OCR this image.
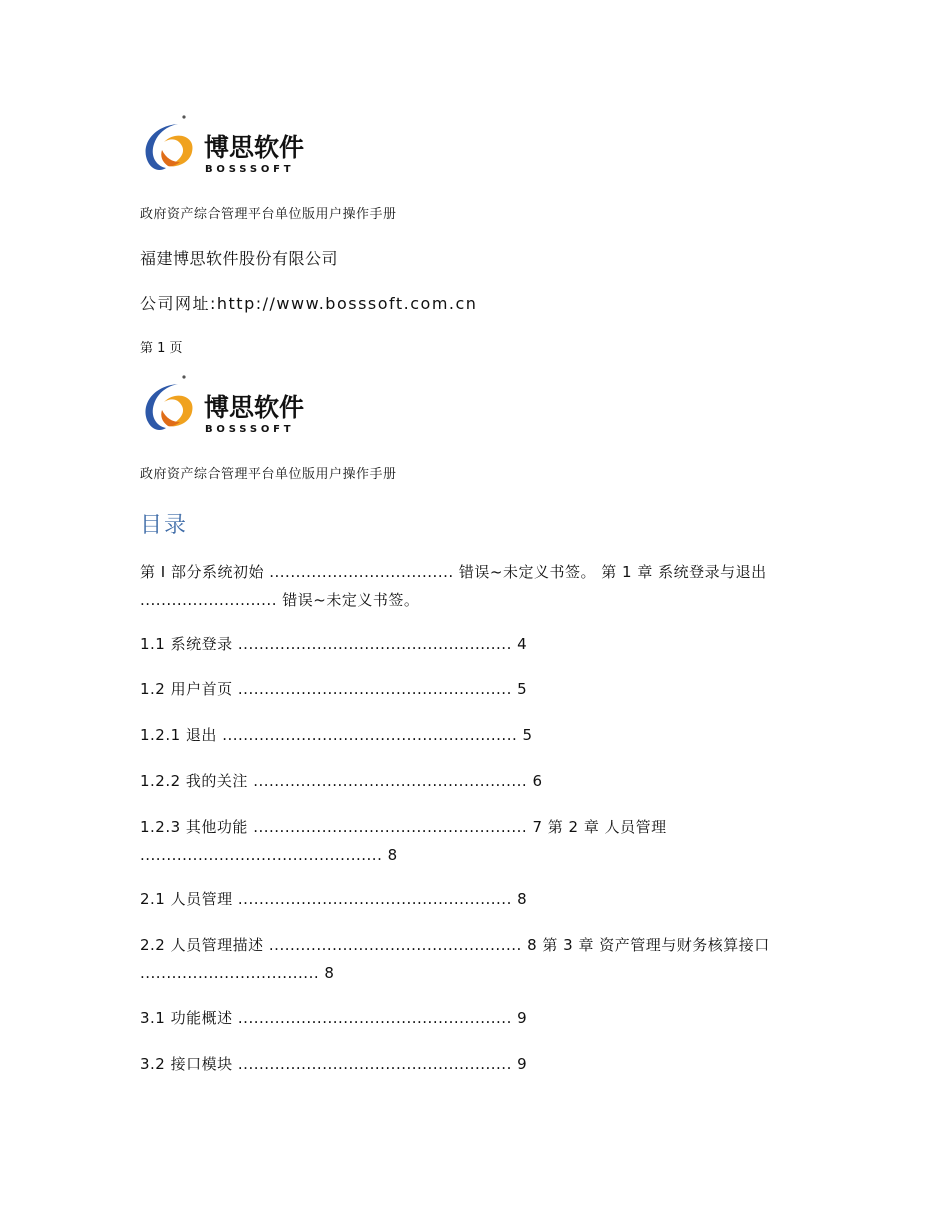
博思软件
BOSSSOFT
政府资产综合管理平台单位版用户操作手册
福建博思软件股份有限公司
公司网址:http://www.bosssoft.com.cn
第 1 页
博思软件
BOSSSOFT
政府资产综合管理平台单位版用户操作手册
目录
第 I 部分系统初始 ................................... 错误~未定义书签。 第 1 章 系统登录与退出 .......................... 错误~未定义书签。
1.1 系统登录 .................................................... 4
1.2 用户首页 .................................................... 5
1.2.1 退出 ........................................................ 5
1.2.2 我的关注 .................................................... 6
1.2.3 其他功能 .................................................... 7 第 2 章 人员管理 .............................................. 8
2.1 人员管理 .................................................... 8
2.2 人员管理描述 ................................................ 8 第 3 章 资产管理与财务核算接口 .................................. 8
3.1 功能概述 .................................................... 9
3.2 接口模块 .................................................... 9
